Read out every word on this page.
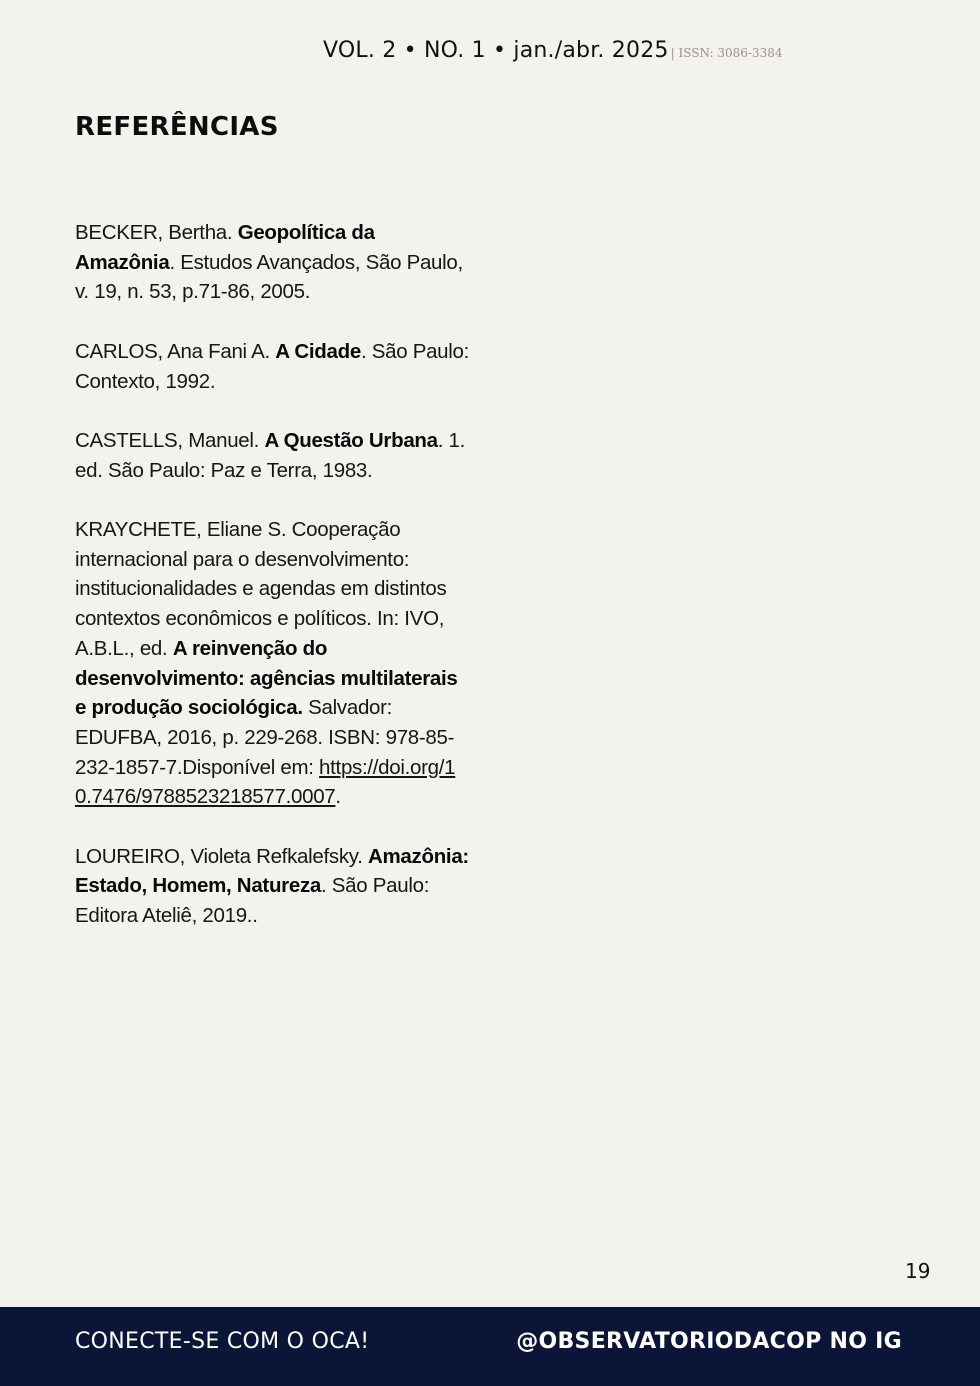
VOL. 2 • NO. 1 • jan./abr. 2025 | ISSN: 3086-3384
REFERÊNCIAS

BECKER, Bertha. Geopolítica da Amazônia. Estudos Avançados, São Paulo, v. 19, n. 53, p.71-86, 2005.

CARLOS, Ana Fani A. A Cidade. São Paulo: Contexto, 1992.

CASTELLS, Manuel. A Questão Urbana. 1. ed. São Paulo: Paz e Terra, 1983.

KRAYCHETE, Eliane S. Cooperação internacional para o desenvolvimento: institucionalidades e agendas em distintos contextos econômicos e políticos. In: IVO, A.B.L., ed. A reinvenção do desenvolvimento: agências multilaterais e produção sociológica. Salvador: EDUFBA, 2016, p. 229-268. ISBN: 978-85-232-1857-7.Disponível em: https://doi.org/10.7476/9788523218577.0007.

LOUREIRO, Violeta Refkalefsky. Amazônia: Estado, Homem, Natureza. São Paulo: Editora Ateliê, 2019..

19
CONECTE-SE COM O OCA!	@OBSERVATORIODACOP NO IG
